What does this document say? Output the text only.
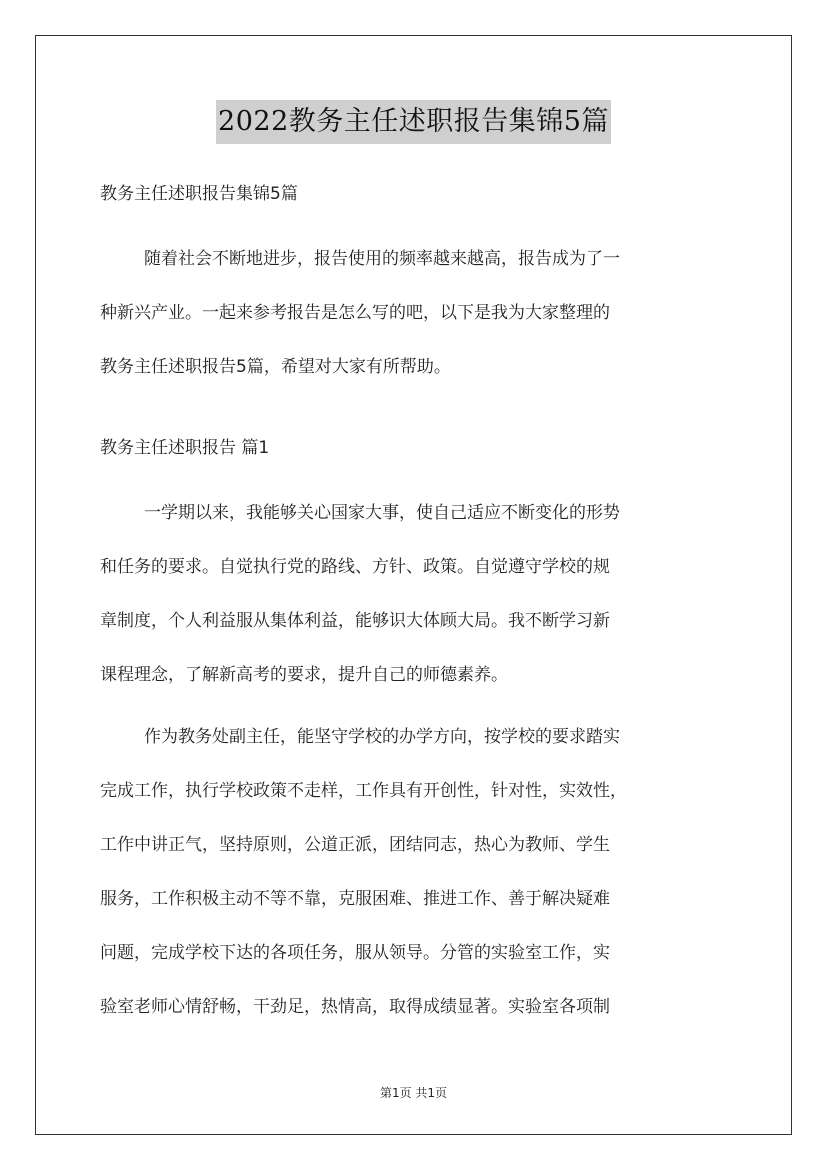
2022教务主任述职报告集锦5篇
教务主任述职报告集锦5篇
随着社会不断地进步，报告使用的频率越来越高，报告成为了一
种新兴产业。一起来参考报告是怎么写的吧，以下是我为大家整理的
教务主任述职报告5篇，希望对大家有所帮助。
教务主任述职报告 篇1
一学期以来，我能够关心国家大事，使自己适应不断变化的形势
和任务的要求。自觉执行党的路线、方针、政策。自觉遵守学校的规
章制度，个人利益服从集体利益，能够识大体顾大局。我不断学习新
课程理念，了解新高考的要求，提升自己的师德素养。
作为教务处副主任，能坚守学校的办学方向，按学校的要求踏实
完成工作，执行学校政策不走样，工作具有开创性，针对性，实效性，
工作中讲正气，坚持原则，公道正派，团结同志，热心为教师、学生
服务，工作积极主动不等不靠，克服困难、推进工作、善于解决疑难
问题，完成学校下达的各项任务，服从领导。分管的实验室工作，实
验室老师心情舒畅，干劲足，热情高，取得成绩显著。实验室各项制
第1页 共1页
